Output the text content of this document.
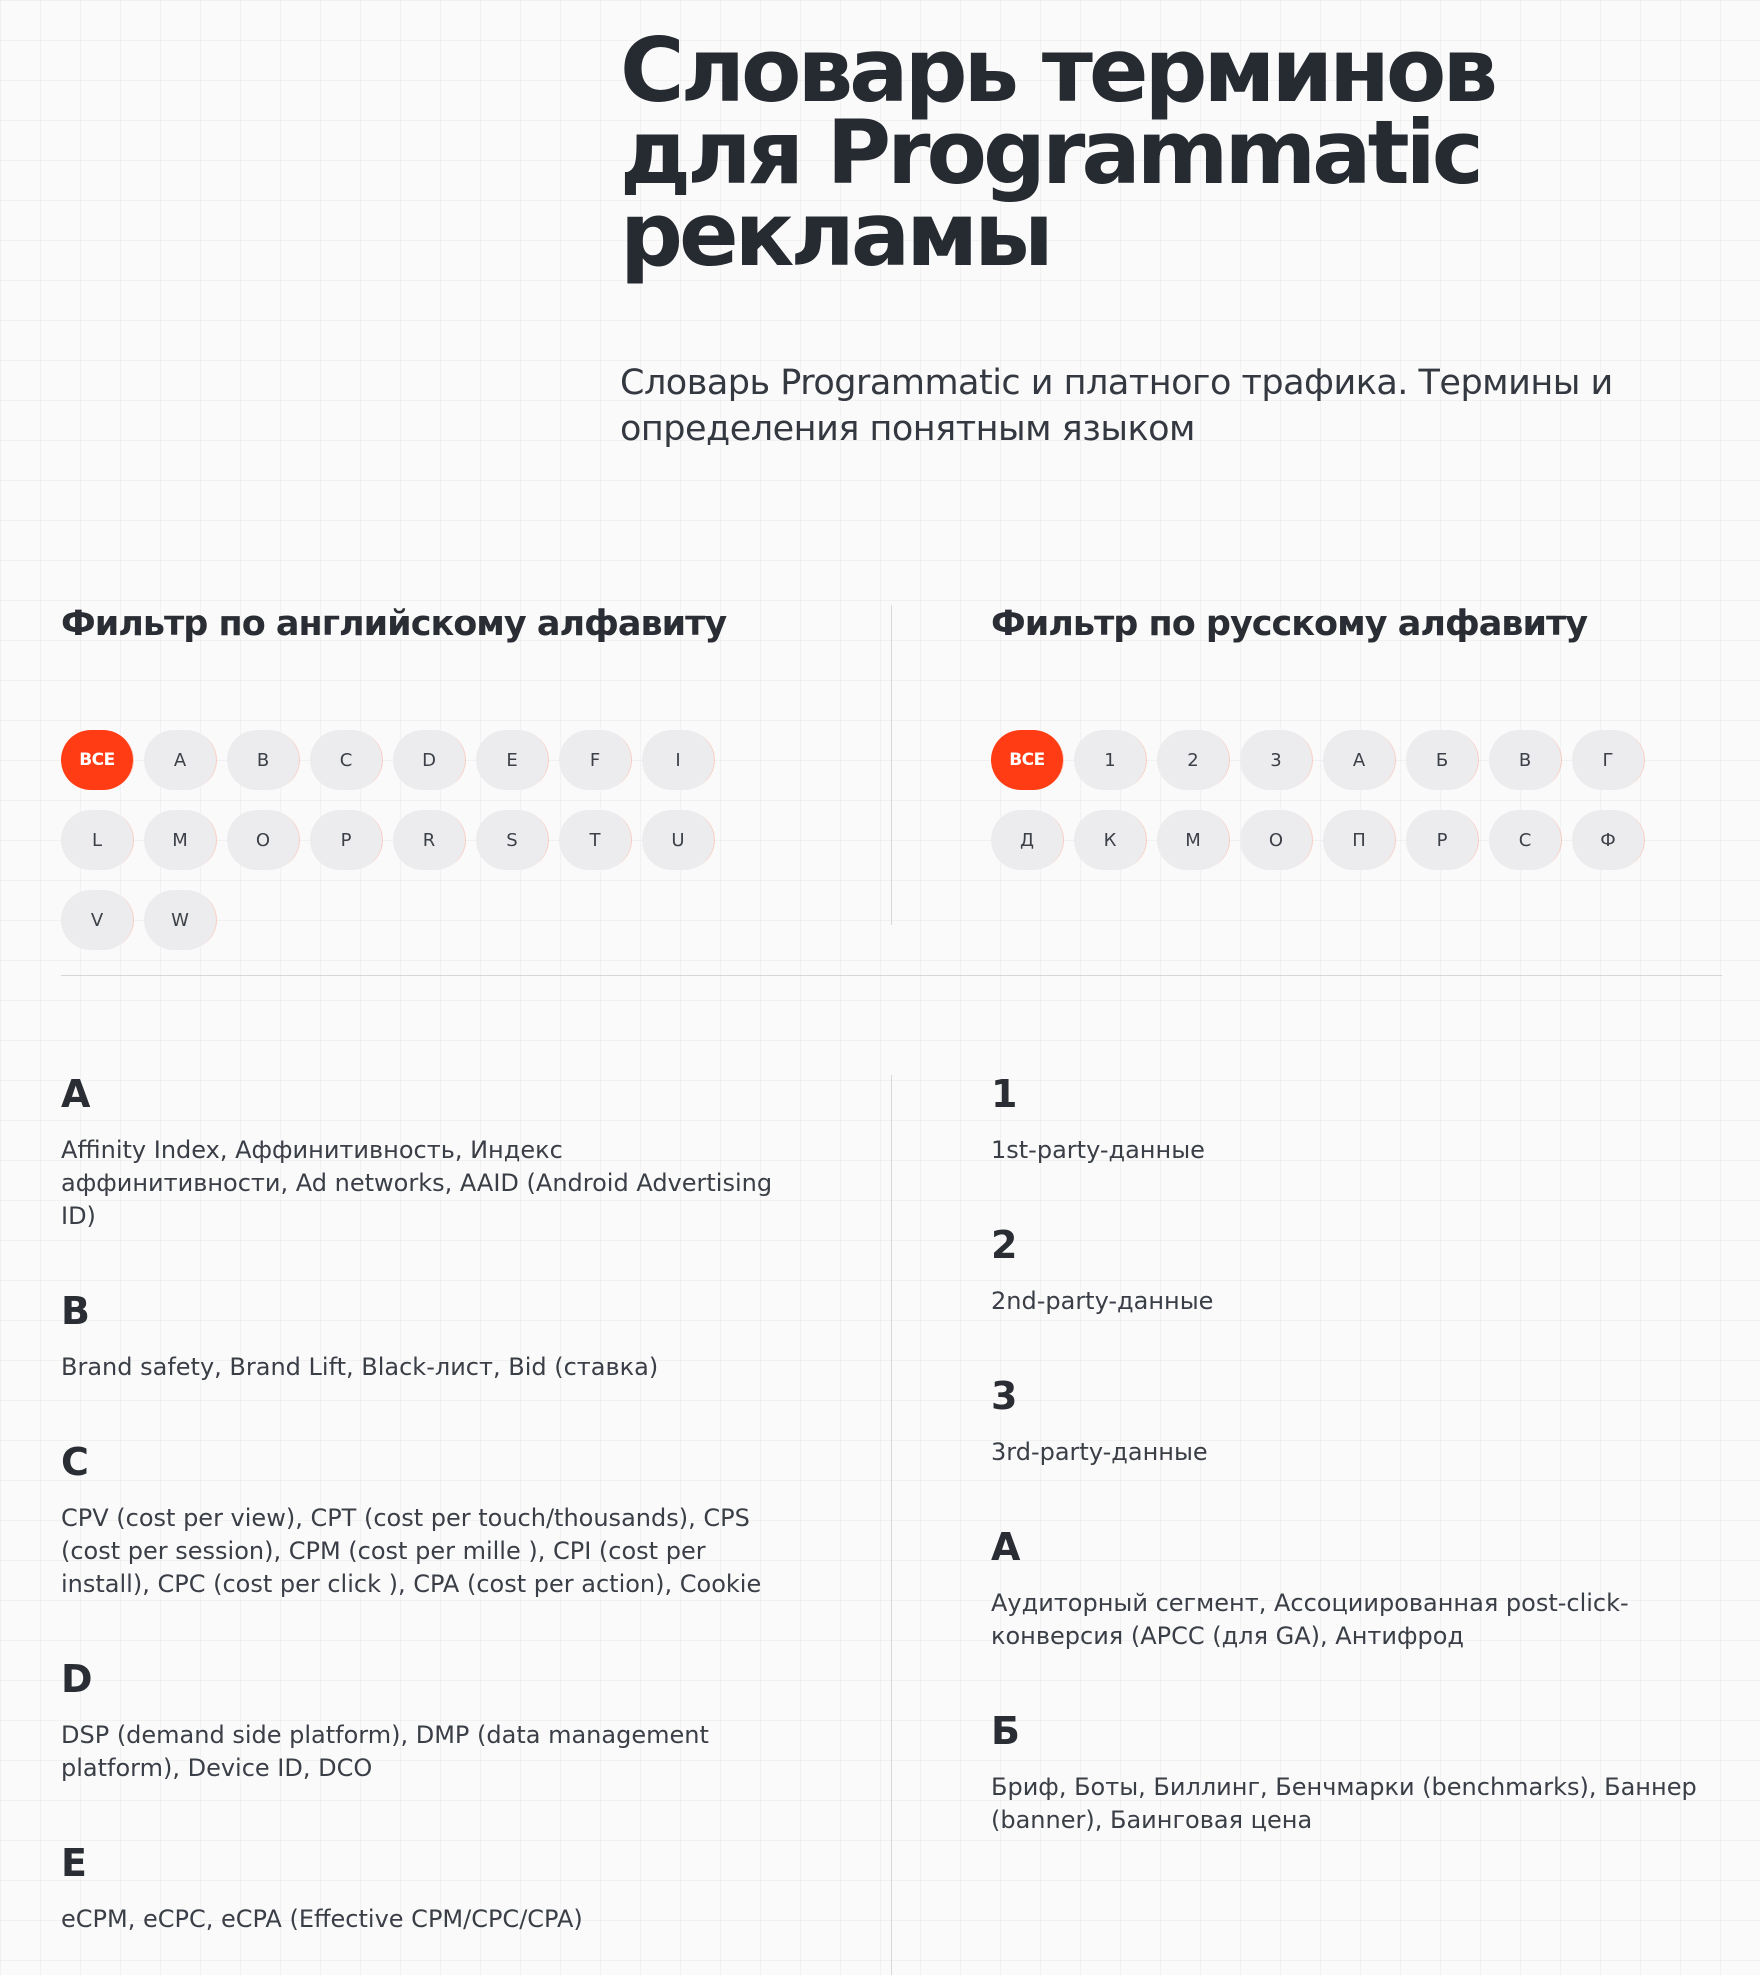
Словарь терминов
для Programmatic
рекламы

Словарь Programmatic и платного трафика. Термины и определения понятным языком

Фильтр по английскому алфавиту
ВСЕ	A	B	C	D	E	F	I
L	M	O	P	R	S	T	U
V	W
Фильтр по русскому алфавиту
ВСЕ	1	2	3	А	Б	В	Г
Д	К	М	О	П	Р	С	Ф
A

Affinity Index, Аффинитивность, Индекс аффинитивности, Ad networks, AAID (Android Advertising ID)

B

Brand safety, Brand Lift, Black-лист, Bid (ставка)

C

CPV (cost per view), CPT (cost per touch/thousands), CPS (cost per session), CPM (cost per mille ), CPI (cost per install), CPC (cost per click ), CPA (cost per action), Cookie

D

DSP (demand side platform), DMP (data management platform), Device ID, DCO

E

eCPM, eCPC, eCPA (Effective CPM/CPC/CPA)

1

1st-party-данные

2

2nd-party-данные

3

3rd-party-данные

А

Аудиторный сегмент, Ассоциированная post-click-конверсия (АPCC (для GA), Антифрод

Б

Бриф, Боты, Биллинг, Бенчмарки (benchmarks), Баннер (banner), Баинговая цена
